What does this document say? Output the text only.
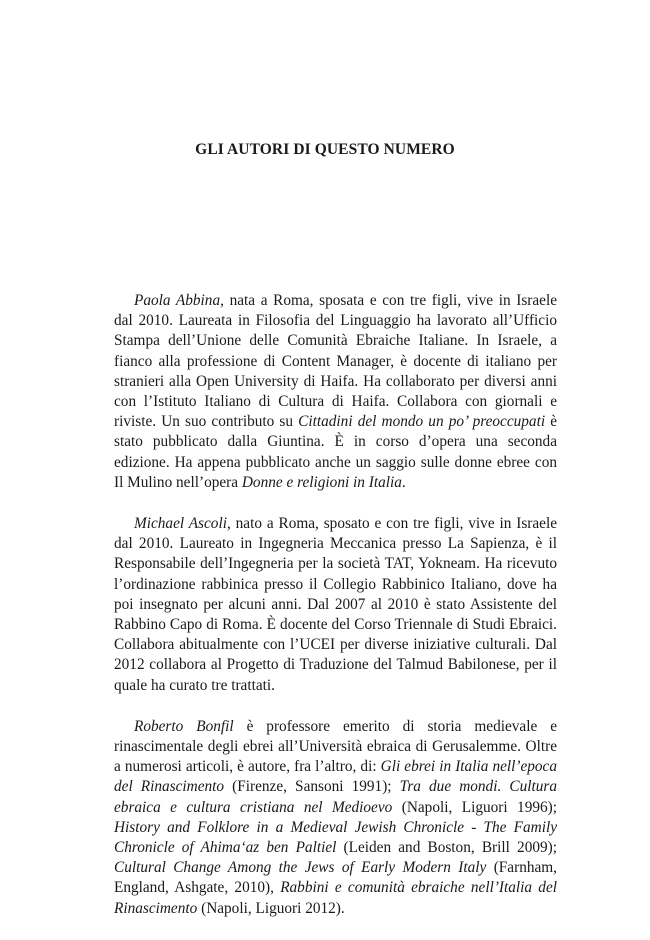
GLI AUTORI DI QUESTO NUMERO

Paola Abbina, nata a Roma, sposata e con tre figli, vive in Israele dal 2010. Laureata in Filosofia del Linguaggio ha lavorato all’Ufficio Stampa dell’Unione delle Comunità Ebraiche Italiane. In Israele, a fianco alla professione di Content Manager, è docente di italiano per stranieri alla Open University di Haifa. Ha collaborato per diversi anni con l’Istituto Italiano di Cultura di Haifa. Collabora con giornali e riviste. Un suo contributo su Cittadini del mondo un po’ preoccupati è stato pubblicato dalla Giuntina. È in corso d’opera una seconda edizione. Ha appena pubblicato anche un saggio sulle donne ebree con Il Mulino nell’opera Donne e religioni in Italia.

Michael Ascoli, nato a Roma, sposato e con tre figli, vive in Israele dal 2010. Laureato in Ingegneria Meccanica presso La Sapienza, è il Responsabile dell’Ingegneria per la società TAT, Yokneam. Ha ricevuto l’ordinazione rabbinica presso il Collegio Rabbinico Italiano, dove ha poi insegnato per alcuni anni. Dal 2007 al 2010 è stato Assistente del Rabbino Capo di Roma. È docente del Corso Triennale di Studi Ebraici. Collabora abitualmente con l’UCEI per diverse iniziative culturali. Dal 2012 collabora al Progetto di Traduzione del Talmud Babilonese, per il quale ha curato tre trattati.

Roberto Bonfil è professore emerito di storia medievale e rinascimentale degli ebrei all’Università ebraica di Gerusalemme. Oltre a numerosi articoli, è autore, fra l’altro, di: Gli ebrei in Italia nell’epoca del Rinascimento (Firenze, Sansoni 1991); Tra due mondi. Cultura ebraica e cultura cristiana nel Medioevo (Napoli, Liguori 1996); History and Folklore in a Medieval Jewish Chronicle - The Family Chronicle of Ahima‘az ben Paltiel (Leiden and Boston, Brill 2009); Cultural Change Among the Jews of Early Modern Italy (Farnham, England, Ashgate, 2010), Rabbini e comunità ebraiche nell’Italia del Rinascimento (Napoli, Liguori 2012).
